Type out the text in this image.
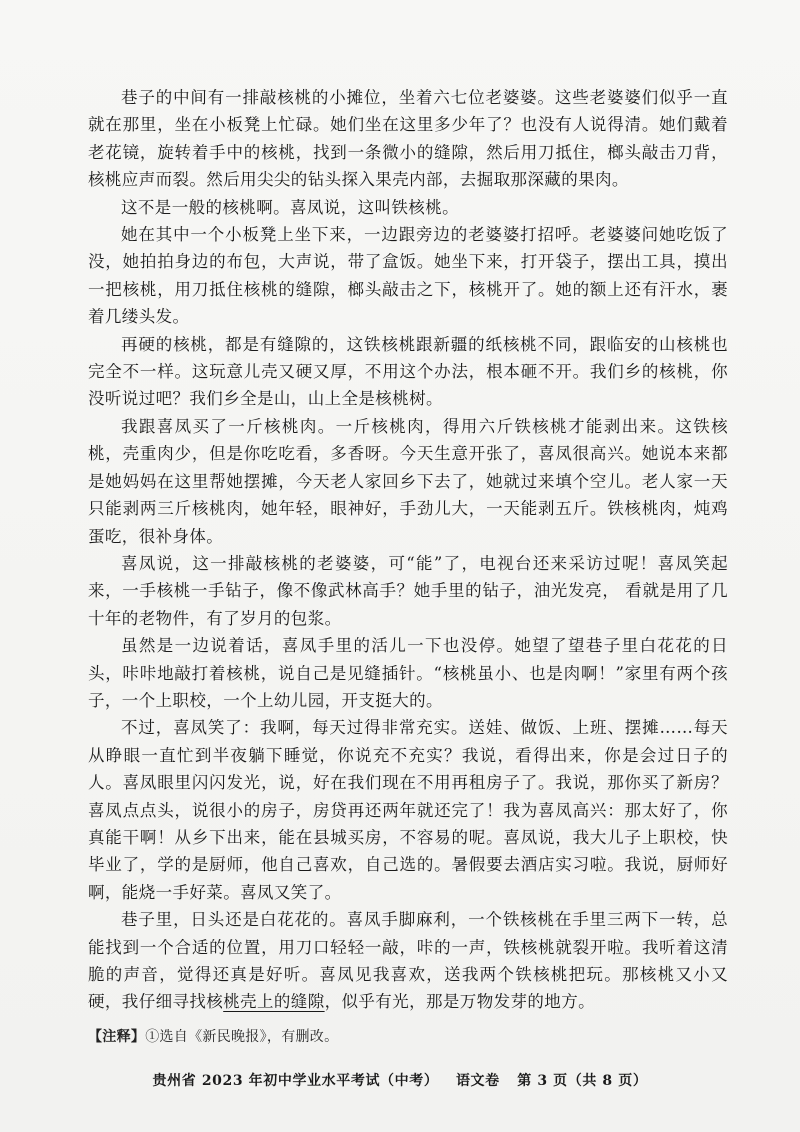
巷子的中间有一排敲核桃的小摊位，坐着六七位老婆婆。这些老婆婆们似乎一直就在那里，坐在小板凳上忙碌。她们坐在这里多少年了？也没有人说得清。她们戴着老花镜，旋转着手中的核桃，找到一条微小的缝隙，然后用刀抵住，榔头敲击刀背，核桃应声而裂。然后用尖尖的钻头探入果壳内部，去掘取那深藏的果肉。

这不是一般的核桃啊。喜凤说，这叫铁核桃。

她在其中一个小板凳上坐下来，一边跟旁边的老婆婆打招呼。老婆婆问她吃饭了没，她拍拍身边的布包，大声说，带了盒饭。她坐下来，打开袋子，摆出工具，摸出一把核桃，用刀抵住核桃的缝隙，榔头敲击之下，核桃开了。她的额上还有汗水，裹着几缕头发。

再硬的核桃，都是有缝隙的，这铁核桃跟新疆的纸核桃不同，跟临安的山核桃也完全不一样。这玩意儿壳又硬又厚，不用这个办法，根本砸不开。我们乡的核桃，你没听说过吧？我们乡全是山，山上全是核桃树。

我跟喜凤买了一斤核桃肉。一斤核桃肉，得用六斤铁核桃才能剥出来。这铁核桃，壳重肉少，但是你吃吃看，多香呀。今天生意开张了，喜凤很高兴。她说本来都是她妈妈在这里帮她摆摊，今天老人家回乡下去了，她就过来填个空儿。老人家一天只能剥两三斤核桃肉，她年轻，眼神好，手劲儿大，一天能剥五斤。铁核桃肉，炖鸡蛋吃，很补身体。

喜凤说，这一排敲核桃的老婆婆，可“能”了，电视台还来采访过呢！喜凤笑起来，一手核桃一手钻子，像不像武林高手？她手里的钻子，油光发亮， 看就是用了几十年的老物件，有了岁月的包浆。

虽然是一边说着话，喜凤手里的活儿一下也没停。她望了望巷子里白花花的日头，咔咔地敲打着核桃，说自己是见缝插针。“核桃虽小、也是肉啊！”家里有两个孩子，一个上职校，一个上幼儿园，开支挺大的。

不过，喜凤笑了：我啊，每天过得非常充实。送娃、做饭、上班、摆摊……每天从睁眼一直忙到半夜躺下睡觉，你说充不充实？我说，看得出来，你是会过日子的人。喜凤眼里闪闪发光，说，好在我们现在不用再租房子了。我说，那你买了新房？喜凤点点头，说很小的房子，房贷再还两年就还完了！我为喜凤高兴：那太好了，你真能干啊！从乡下出来，能在县城买房，不容易的呢。喜凤说，我大儿子上职校，快毕业了，学的是厨师，他自己喜欢，自己选的。暑假要去酒店实习啦。我说，厨师好啊，能烧一手好菜。喜凤又笑了。

巷子里，日头还是白花花的。喜凤手脚麻利，一个铁核桃在手里三两下一转，总能找到一个合适的位置，用刀口轻轻一敲，咔的一声，铁核桃就裂开啦。我听着这清脆的声音，觉得还真是好听。喜凤见我喜欢，送我两个铁核桃把玩。那核桃又小又硬，我仔细寻找核桃壳上的缝隙，似乎有光，那是万物发芽的地方。

【注释】①选自《新民晚报》，有删改。
贵州省 2023 年初中学业水平考试（中考） 语文卷 第 3 页（共 8 页）
